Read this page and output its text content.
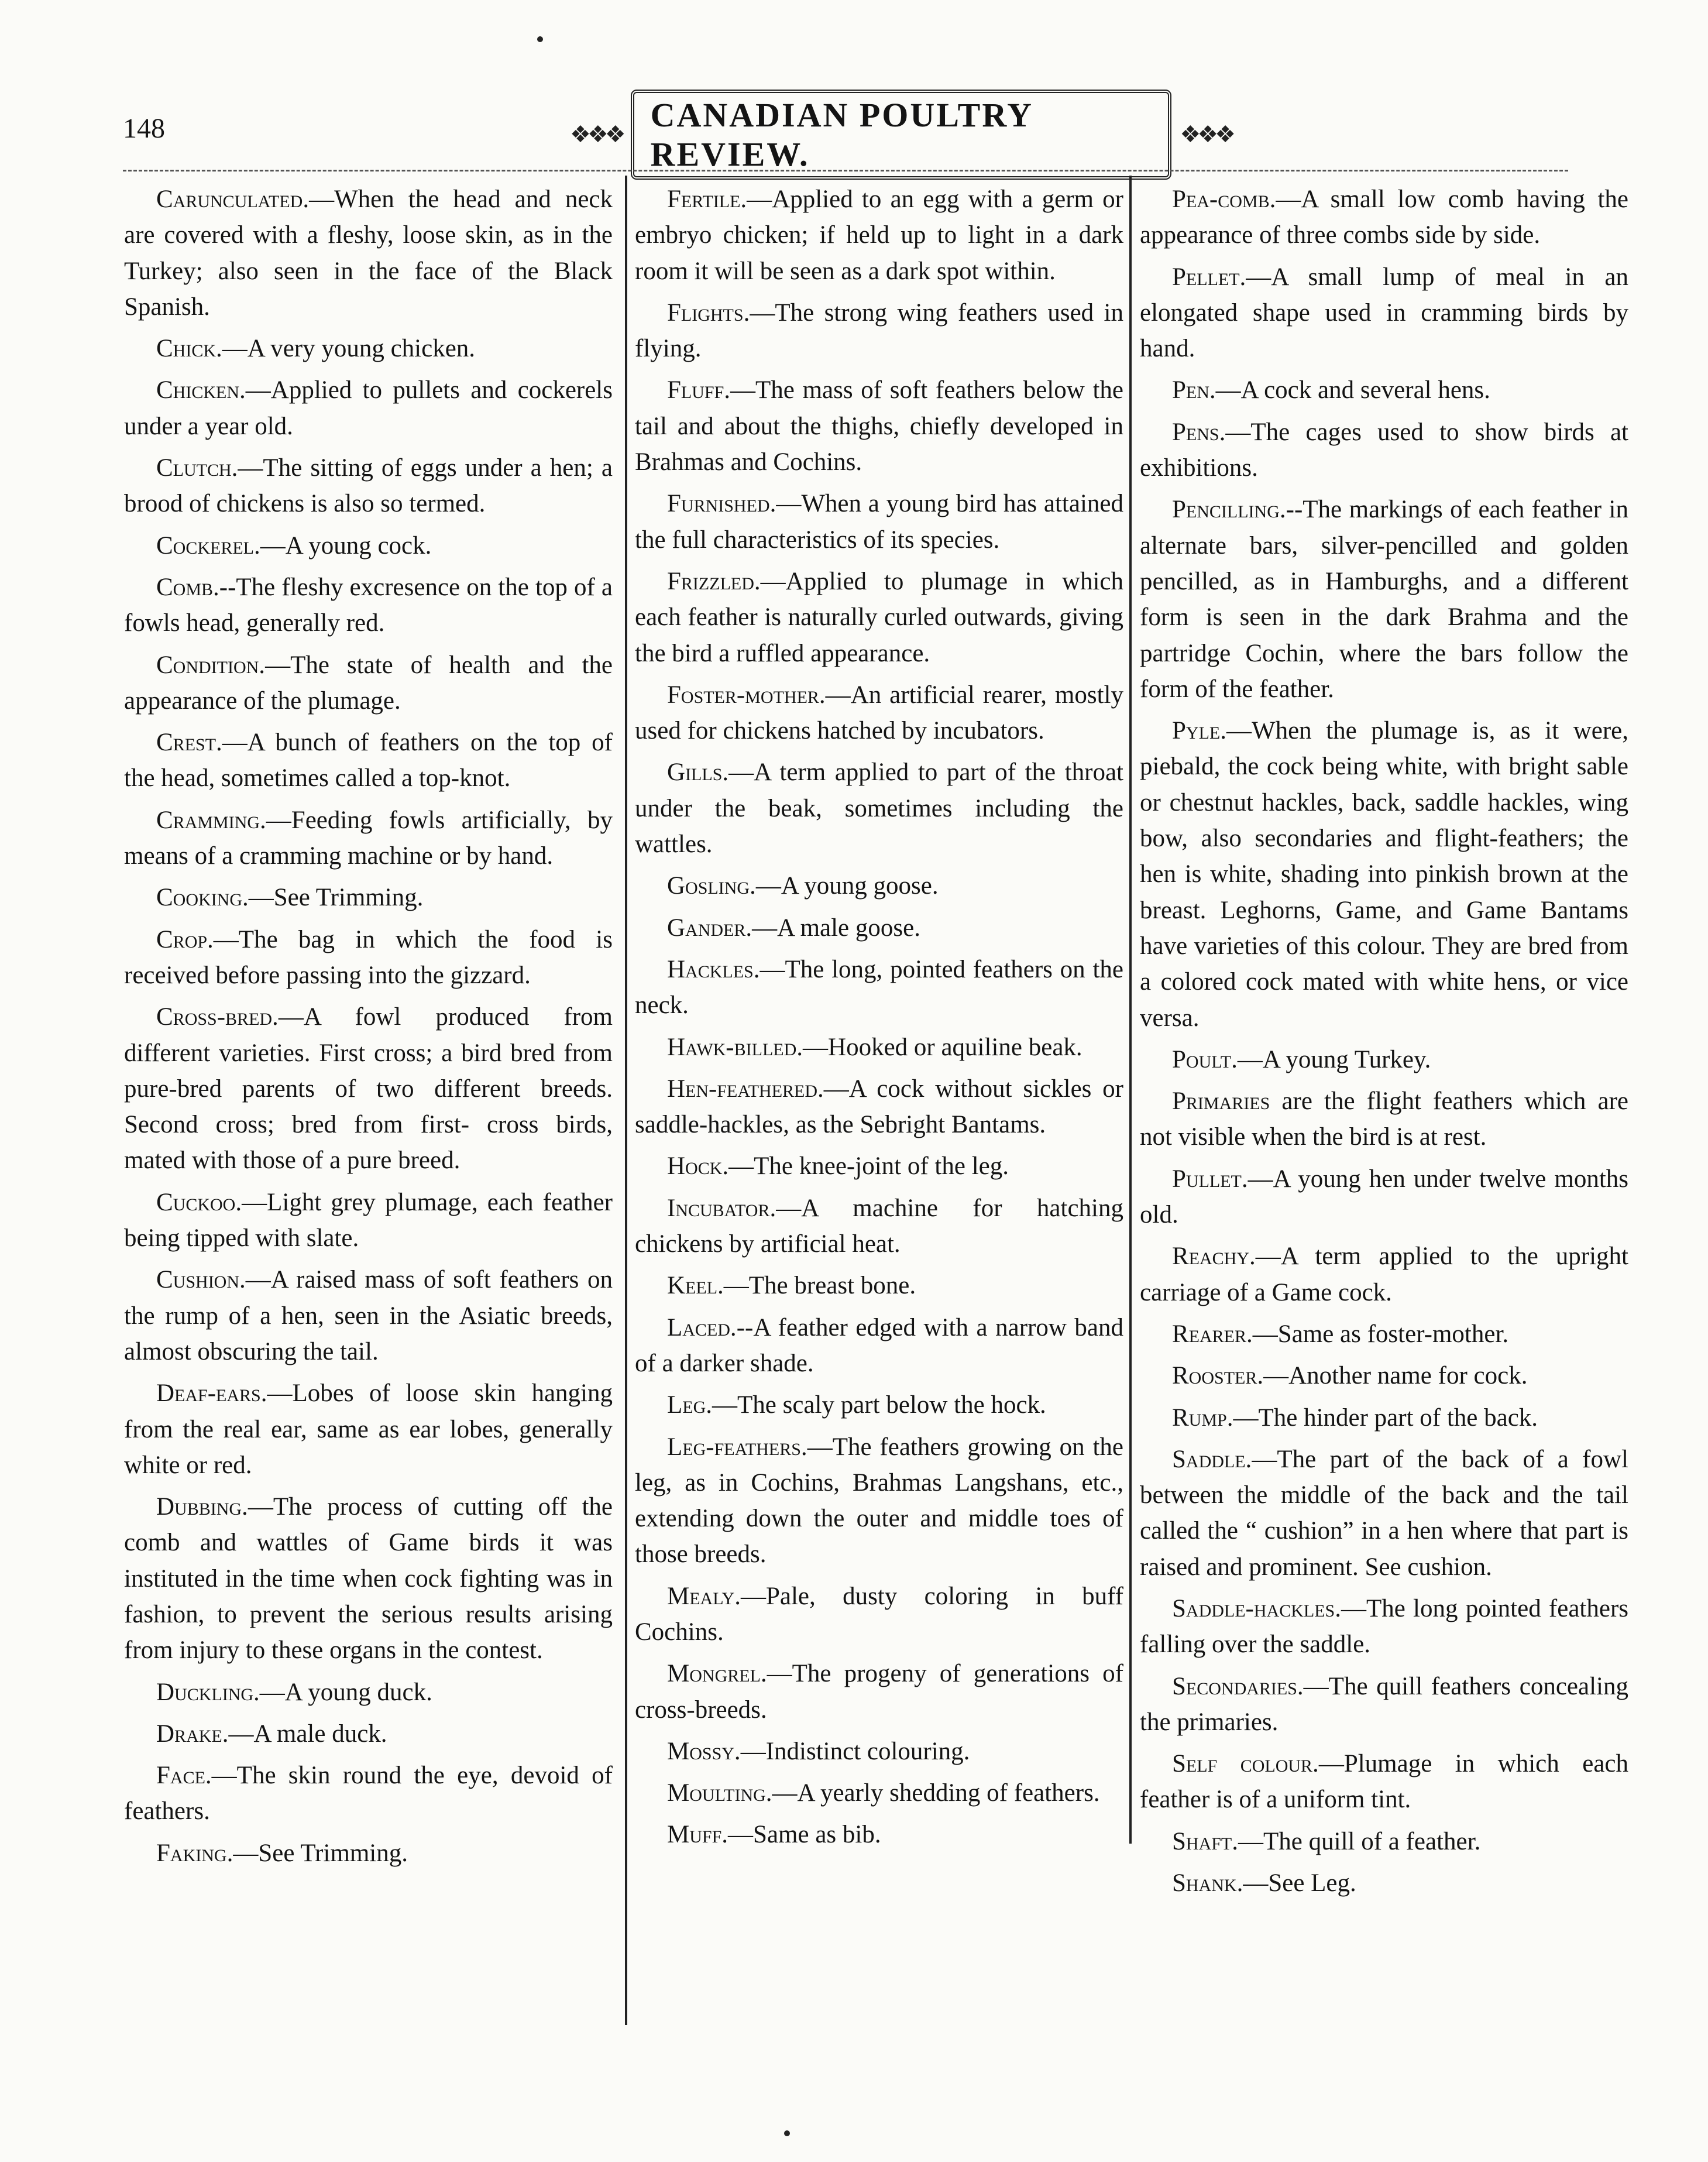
148	❖❖❖
CANADIAN POULTRY REVIEW.
❖❖❖

Carunculated.—When the head and neck are covered with a fleshy, loose skin, as in the Turkey; also seen in the face of the Black Spanish.

Chick.—A very young chicken.

Chicken.—Applied to pullets and cockerels under a year old.

Clutch.—The sitting of eggs under a hen; a brood of chickens is also so termed.

Cockerel.—A young cock.

Comb.--The fleshy excresence on the top of a fowls head, generally red.

Condition.—The state of health and the appearance of the plumage.

Crest.—A bunch of feathers on the top of the head, sometimes called a top-knot.

Cramming.—Feeding fowls artificially, by means of a cramming machine or by hand.

Cooking.—See Trimming.

Crop.—The bag in which the food is received before passing into the gizzard.

Cross-bred.—A fowl produced from different varieties. First cross; a bird bred from pure-bred parents of two different breeds. Second cross; bred from first- cross birds, mated with those of a pure breed.

Cuckoo.—Light grey plumage, each feather being tipped with slate.

Cushion.—A raised mass of soft feathers on the rump of a hen, seen in the Asiatic breeds, almost obscuring the tail.

Deaf-ears.—Lobes of loose skin hanging from the real ear, same as ear lobes, generally white or red.

Dubbing.—The process of cutting off the comb and wattles of Game birds it was instituted in the time when cock fighting was in fashion, to prevent the serious results arising from injury to these organs in the contest.

Duckling.—A young duck.

Drake.—A male duck.

Face.—The skin round the eye, devoid of feathers.

Faking.—See Trimming.

Fertile.—Applied to an egg with a germ or embryo chicken; if held up to light in a dark room it will be seen as a dark spot within.

Flights.—The strong wing feathers used in flying.

Fluff.—The mass of soft feathers below the tail and about the thighs, chiefly developed in Brahmas and Cochins.

Furnished.—When a young bird has attained the full characteristics of its species.

Frizzled.—Applied to plumage in which each feather is naturally curled outwards, giving the bird a ruffled appearance.

Foster-mother.—An artificial rearer, mostly used for chickens hatched by incubators.

Gills.—A term applied to part of the throat under the beak, sometimes including the wattles.

Gosling.—A young goose.

Gander.—A male goose.

Hackles.—The long, pointed feathers on the neck.

Hawk-billed.—Hooked or aquiline beak.

Hen-feathered.—A cock without sickles or saddle-hackles, as the Sebright Bantams.

Hock.—The knee-joint of the leg.

Incubator.—A machine for hatching chickens by artificial heat.

Keel.—The breast bone.

Laced.--A feather edged with a narrow band of a darker shade.

Leg.—The scaly part below the hock.

Leg-feathers.—The feathers growing on the leg, as in Cochins, Brahmas Langshans, etc., extending down the outer and middle toes of those breeds.

Mealy.—Pale, dusty coloring in buff Cochins.

Mongrel.—The progeny of generations of cross-breeds.

Mossy.—Indistinct colouring.

Moulting.—A yearly shedding of feathers.

Muff.—Same as bib.

Pea-comb.—A small low comb having the appearance of three combs side by side.

Pellet.—A small lump of meal in an elongated shape used in cramming birds by hand.

Pen.—A cock and several hens.

Pens.—The cages used to show birds at exhibitions.

Pencilling.--The markings of each feather in alternate bars, silver-pencilled and golden pencilled, as in Hamburghs, and a different form is seen in the dark Brahma and the partridge Cochin, where the bars follow the form of the feather.

Pyle.—When the plumage is, as it were, piebald, the cock being white, with bright sable or chestnut hackles, back, saddle hackles, wing bow, also secondaries and flight-feathers; the hen is white, shading into pinkish brown at the breast. Leghorns, Game, and Game Bantams have varieties of this colour. They are bred from a colored cock mated with white hens, or vice versa.

Poult.—A young Turkey.

Primaries are the flight feathers which are not visible when the bird is at rest.

Pullet.—A young hen under twelve months old.

Reachy.—A term applied to the upright carriage of a Game cock.

Rearer.—Same as foster-mother.

Rooster.—Another name for cock.

Rump.—The hinder part of the back.

Saddle.—The part of the back of a fowl between the middle of the back and the tail called the “ cushion” in a hen where that part is raised and prominent. See cushion.

Saddle-hackles.—The long pointed feathers falling over the saddle.

Secondaries.—The quill feathers concealing the primaries.

Self colour.—Plumage in which each feather is of a uniform tint.

Shaft.—The quill of a feather.

Shank.—See Leg.
